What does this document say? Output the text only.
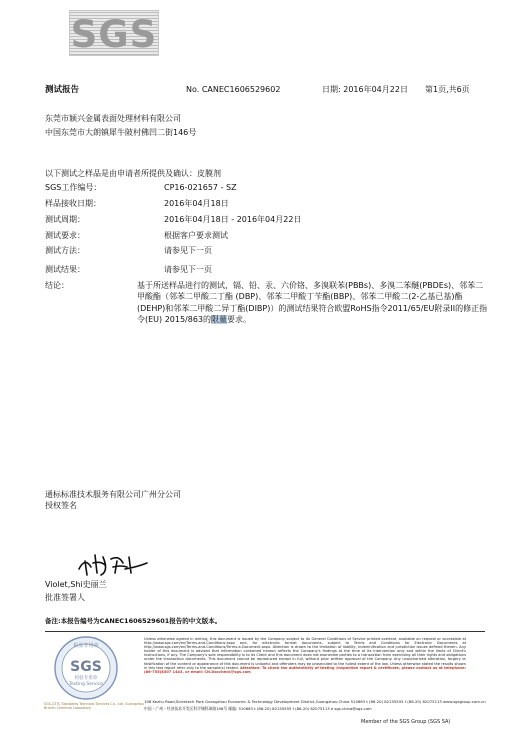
SGS
测试报告	No. CANEC1606529602	日期: 2016年04月22日 第1页,共6页
东莞市颖兴金属表面处理材料有限公司
中国东莞市大朗镇犀牛陂村佛凹二街146号
以下测试之样品是由申请者所提供及确认：皮膜剂
SGS工作编号：	CP16-021657 - SZ
样品接收日期：	2016年04月18日
测试周期：	2016年04月18日 - 2016年04月22日
测试要求：	根据客户要求测试
测试方法：	请参见下一页
测试结果：	请参见下一页
结论：	基于所送样品进行的测试，镉、铅、汞、六价铬、多溴联苯(PBBs)、多溴二苯醚(PBDEs)、邻苯二甲酸酯（邻苯二甲酸二丁酯 (DBP)、邻苯二甲酸丁苄酯(BBP)、邻苯二甲酸二(2-乙基已基)酯(DEHP)和邻苯二甲酸二异丁酯(DIBP)）的测试结果符合欧盟RoHS指令2011/65/EU附录II的修正指令(EU) 2015/863的限量要求。
通标标准技术服务有限公司广州分公司
授权签名
Violet,Shi史丽兰
批准签署人
备注:本报告编号为CANEC1606529601报告的中文版本。
检验专用章
SGS
检验专用章
Testing Service
SGS-CSTC Standards Technical Services Co., Ltd. Guangzhou Branch Chemical Laboratory
Unless otherwise agreed in writing, this document is issued by the Company subject to its General Conditions of Service printed overleaf, available on request or accessible at http://www.sgs.com/en/Terms-and-Conditions.aspx and, for electronic format documents, subject to Terms and Conditions for Electronic Documents at http://www.sgs.com/en/Terms-and-Conditions/Terms-e-Document.aspx. Attention is drawn to the limitation of liability, indemnification and jurisdiction issues defined therein. Any holder of this document is advised that information contained hereon reflects the Company's findings at the time of its intervention only and within the limits of Client's instructions, if any. The Company's sole responsibility is to its Client and this document does not exonerate parties to a transaction from exercising all their rights and obligations under the transaction documents. This document cannot be reproduced except in full, without prior written approval of the Company. Any unauthorized alteration, forgery or falsification of the content or appearance of this document is unlawful and offenders may be prosecuted to the fullest extent of the law. Unless otherwise stated the results shown in this test report refer only to the sample(s) tested. Attention: To check the authenticity of testing /inspection report & certificate, please contact us at telephone: (86-755)8307 1443, or email: CN.Doccheck@sgs.com
198 Kezhu Road,Scientech Park Guangzhou Economic & Technology Development District,Guangzhou,China 510663 t (86-20) 82155555 f (86-20) 82075113 www.sgsgroup.com.cn
中国・广州・经济技术开发区科学城科珠路198号 邮编: 510663 t (86-20) 82155555 f (86-20) 82075113 e sgs.china@sgs.com
Member of the SGS Group (SGS SA)
